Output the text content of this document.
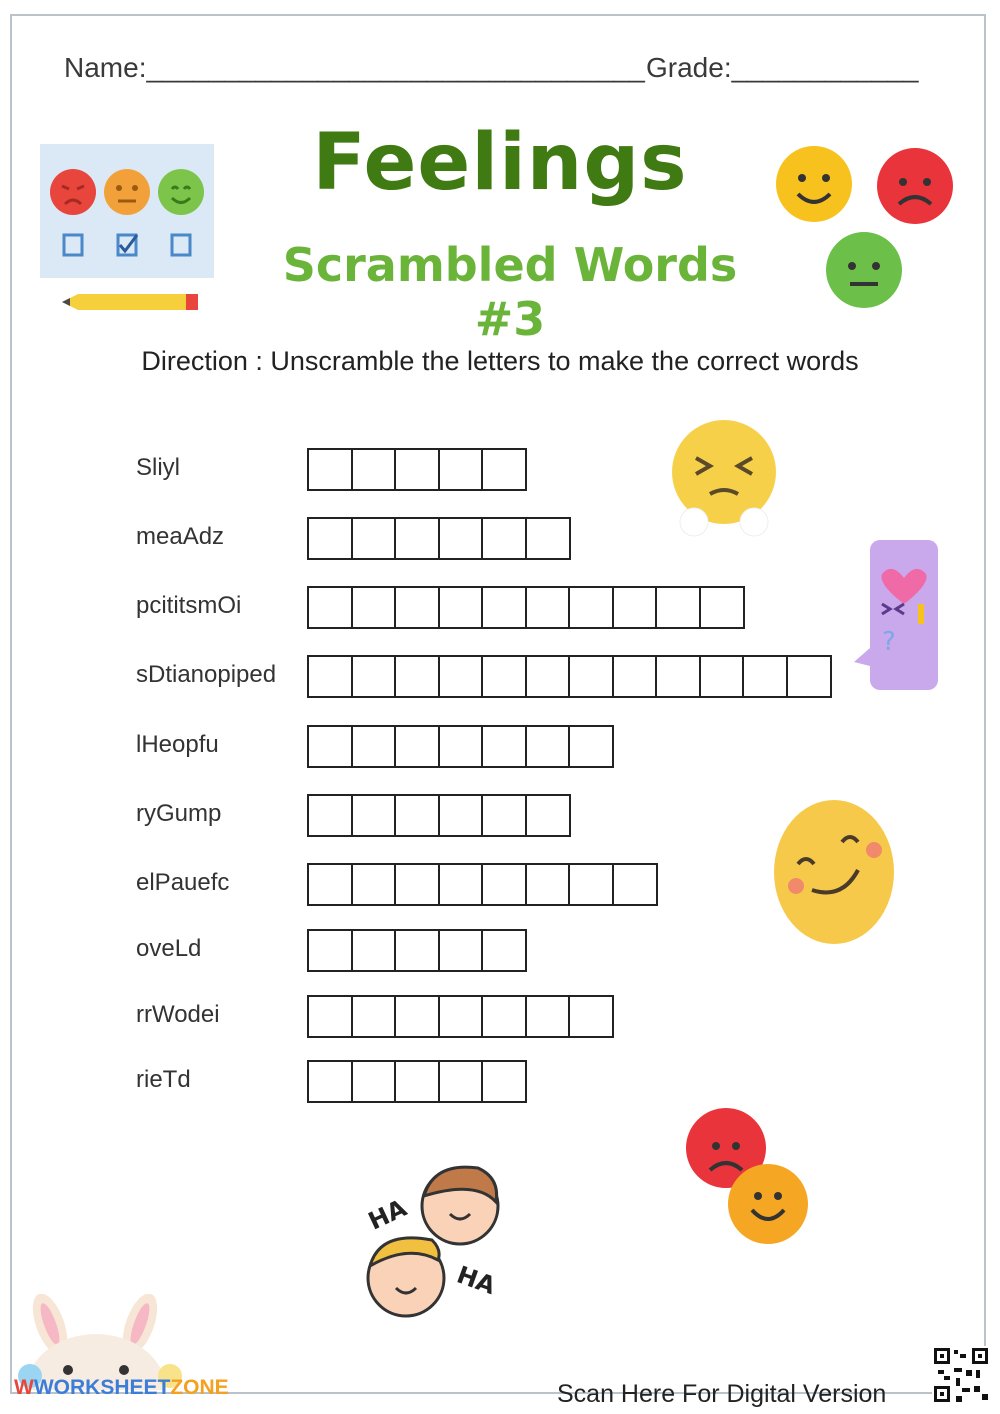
Name:________________________________ Grade:____________
Feelings
Scrambled Words #3
Direction : Unscramble the letters to make the correct words
Sliyl
meaAdz
pcititsmOi
sDtianopiped
lHeopfu
ryGump
elPauefc
oveLd
rrWodei
rieTd
?
HA
HA
WWORKSHEETZONE	Scan Here For Digital Version
